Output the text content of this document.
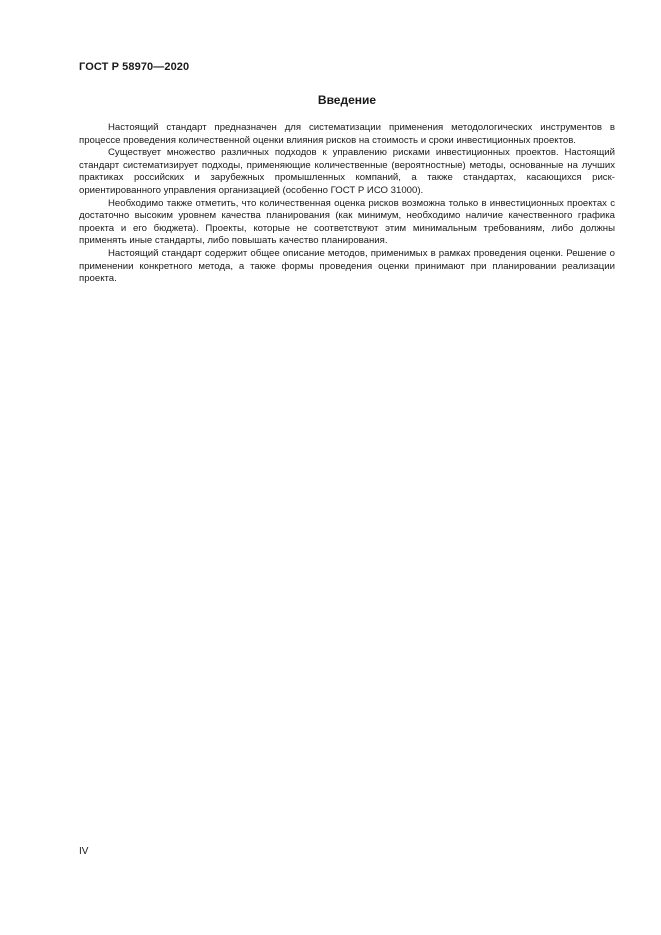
ГОСТ Р 58970—2020
Введение

Настоящий стандарт предназначен для систематизации применения методологических инструментов в процессе проведения количественной оценки влияния рисков на стоимость и сроки инвестиционных проектов.

Существует множество различных подходов к управлению рисками инвестиционных проектов. Настоящий стандарт систематизирует подходы, применяющие количественные (вероятностные) методы, основанные на лучших практиках российских и зарубежных промышленных компаний, а также стандартах, касающихся риск-ориентированного управления организацией (особенно ГОСТ Р ИСО 31000).

Необходимо также отметить, что количественная оценка рисков возможна только в инвестиционных проектах с достаточно высоким уровнем качества планирования (как минимум, необходимо наличие качественного графика проекта и его бюджета). Проекты, которые не соответствуют этим минимальным требованиям, либо должны применять иные стандарты, либо повышать качество планирования.

Настоящий стандарт содержит общее описание методов, применимых в рамках проведения оценки. Решение о применении конкретного метода, а также формы проведения оценки принимают при планировании реализации проекта.

IV
